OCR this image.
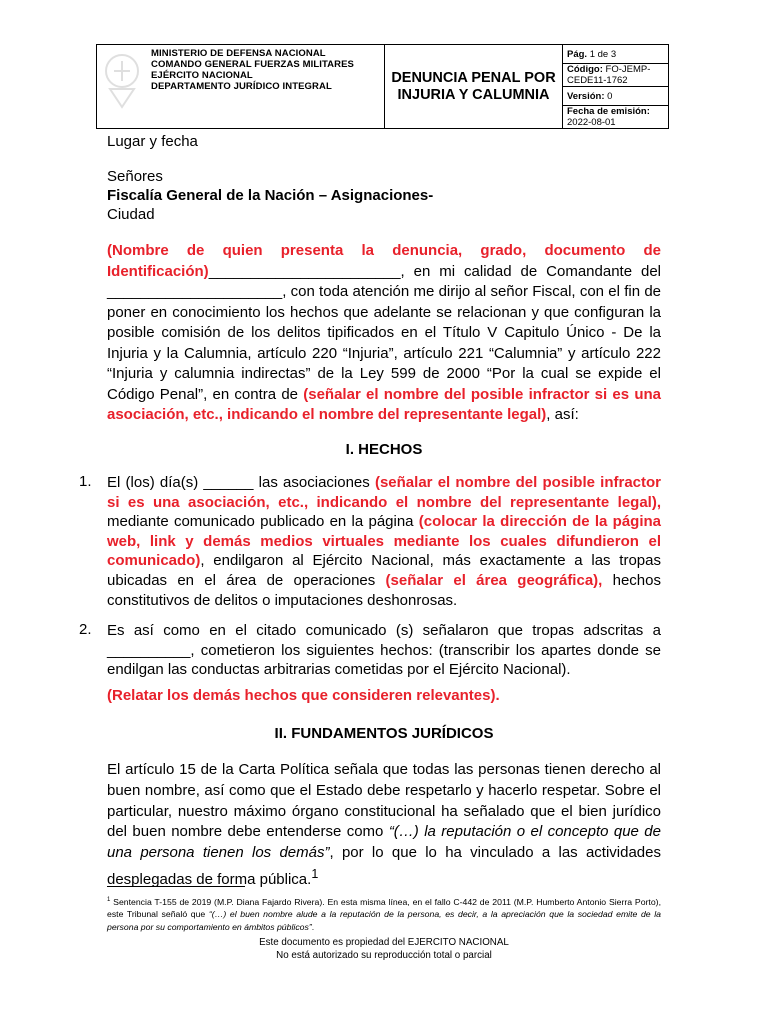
MINISTERIO DE DEFENSA NACIONAL
COMANDO GENERAL FUERZAS MILITARES
EJÉRCITO NACIONAL
DEPARTAMENTO JURÍDICO INTEGRAL

DENUNCIA PENAL POR
INJURIA Y CALUMNIA
	Pág. 1 de 3
Código: FO-JEMP-CEDE11-1762
Versión: 0
Fecha de emisión: 2022-08-01
Lugar y fecha
Señores
Fiscalía General de la Nación – Asignaciones-
Ciudad
(Nombre de quien presenta la denuncia, grado, documento de Identificación)_______________________, en mi calidad de Comandante del _____________________, con toda atención me dirijo al señor Fiscal, con el fin de poner en conocimiento los hechos que adelante se relacionan y que configuran la posible comisión de los delitos tipificados en el Título V Capitulo Único - De la Injuria y la Calumnia, artículo 220 “Injuria”, artículo 221 “Calumnia” y artículo 222 “Injuria y calumnia indirectas” de la Ley 599 de 2000 “Por la cual se expide el Código Penal”, en contra de (señalar el nombre del posible infractor si es una asociación, etc., indicando el nombre del representante legal), así:
I. HECHOS
1. El (los) día(s) ______ las asociaciones (señalar el nombre del posible infractor si es una asociación, etc., indicando el nombre del representante legal), mediante comunicado publicado en la página (colocar la dirección de la página web, link y demás medios virtuales mediante los cuales difundieron el comunicado), endilgaron al Ejército Nacional, más exactamente a las tropas ubicadas en el área de operaciones (señalar el área geográfica), hechos constitutivos de delitos o imputaciones deshonrosas.
2. Es así como en el citado comunicado (s) señalaron que tropas adscritas a __________, cometieron los siguientes hechos: (transcribir los apartes donde se endilgan las conductas arbitrarias cometidas por el Ejército Nacional).
(Relatar los demás hechos que consideren relevantes).
II. FUNDAMENTOS JURÍDICOS
El artículo 15 de la Carta Política señala que todas las personas tienen derecho al buen nombre, así como que el Estado debe respetarlo y hacerlo respetar. Sobre el particular, nuestro máximo órgano constitucional ha señalado que el bien jurídico del buen nombre debe entenderse como “(…) la reputación o el concepto que de una persona tienen los demás”, por lo que lo ha vinculado a las actividades desplegadas de forma pública.$^1$
$^1$ Sentencia T-155 de 2019 (M.P. Diana Fajardo Rivera). En esta misma línea, en el fallo C-442 de 2011 (M.P. Humberto Antonio Sierra Porto), este Tribunal señaló que “(…) el buen nombre alude a la reputación de la persona, es decir, a la apreciación que la sociedad emite de la persona por su comportamiento en ámbitos públicos”.
Este documento es propiedad del EJERCITO NACIONAL
No está autorizado su reproducción total o parcial
